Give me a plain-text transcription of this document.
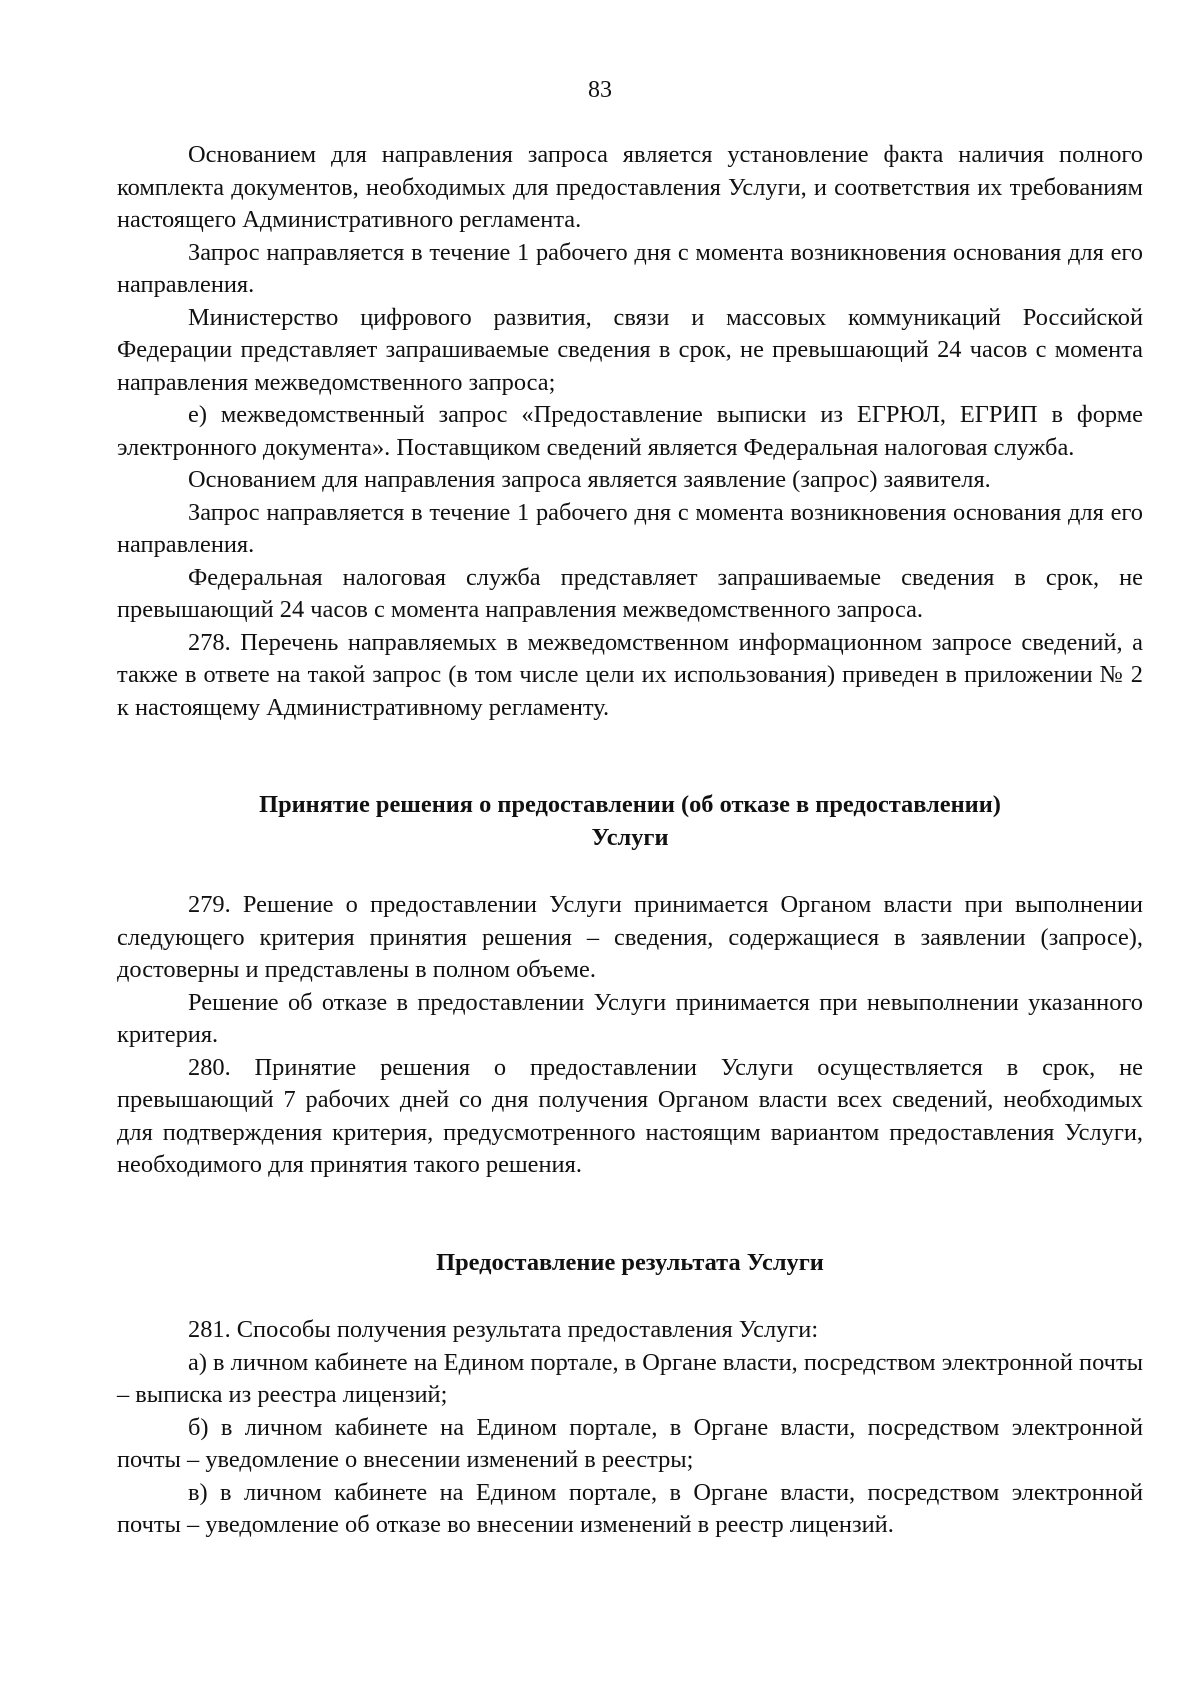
83

Основанием для направления запроса является установление факта наличия полного комплекта документов, необходимых для предоставления Услуги, и соответствия их требованиям настоящего Административного регламента.

Запрос направляется в течение 1 рабочего дня с момента возникновения основания для его направления.

Министерство цифрового развития, связи и массовых коммуникаций Российской Федерации представляет запрашиваемые сведения в срок, не превышающий 24 часов с момента направления межведомственного запроса;

е) межведомственный запрос «Предоставление выписки из ЕГРЮЛ, ЕГРИП в форме электронного документа». Поставщиком сведений является Федеральная налоговая служба.

Основанием для направления запроса является заявление (запрос) заявителя.

Запрос направляется в течение 1 рабочего дня с момента возникновения основания для его направления.

Федеральная налоговая служба представляет запрашиваемые сведения в срок, не превышающий 24 часов с момента направления межведомственного запроса.

278. Перечень направляемых в межведомственном информационном запросе сведений, а также в ответе на такой запрос (в том числе цели их использования) приведен в приложении № 2 к настоящему Административному регламенту.

Принятие решения о предоставлении (об отказе в предоставлении)
Услуги

279. Решение о предоставлении Услуги принимается Органом власти при выполнении следующего критерия принятия решения – сведения, содержащиеся в заявлении (запросе), достоверны и представлены в полном объеме.

Решение об отказе в предоставлении Услуги принимается при невыполнении указанного критерия.

280. Принятие решения о предоставлении Услуги осуществляется в срок, не превышающий 7 рабочих дней со дня получения Органом власти всех сведений, необходимых для подтверждения критерия, предусмотренного настоящим вариантом предоставления Услуги, необходимого для принятия такого решения.

Предоставление результата Услуги

281. Способы получения результата предоставления Услуги:

а) в личном кабинете на Едином портале, в Органе власти, посредством электронной почты – выписка из реестра лицензий;

б) в личном кабинете на Едином портале, в Органе власти, посредством электронной почты – уведомление о внесении изменений в реестры;

в) в личном кабинете на Едином портале, в Органе власти, посредством электронной почты – уведомление об отказе во внесении изменений в реестр лицензий.
